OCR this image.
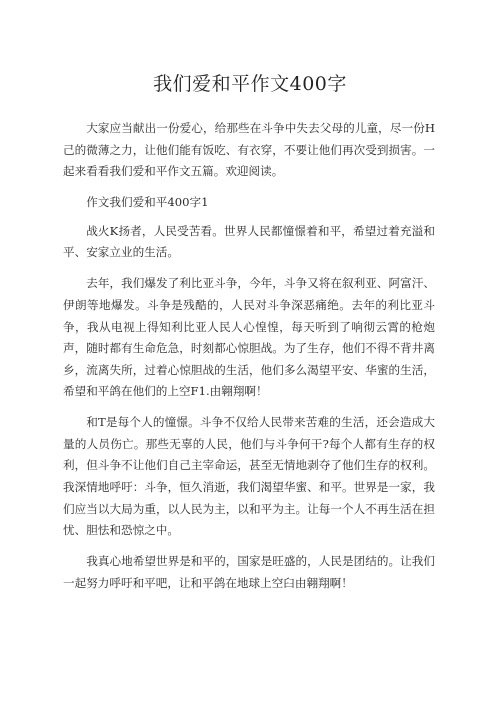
我们爱和平作文400字

大家应当献出一份爱心，给那些在斗争中失去父母的儿童，尽一份H己的微薄之力，让他们能有饭吃、有衣穿，不要让他们再次受到损害。一起来看看我们爱和平作文五篇。欢迎阅读。

作文我们爱和平400字1

战火K扬者，人民受苦看。世界人民都憧憬着和平，希望过着充溢和平、安家立业的生活。

去年，我们爆发了利比亚斗争，今年，斗争又将在叙利亚、阿富汗、伊朗等地爆发。斗争是残酷的，人民对斗争深恶痛绝。去年的利比亚斗争，我从电视上得知利比亚人民人心惶惶，每天听到了响彻云霄的枪炮声，随时都有生命危急，时刻都心惊胆战。为了生存，他们不得不背井离乡，流离失所，过着心惊胆战的生活，他们多么渴望平安、华蜜的生活，希望和平鸽在他们的上空F1.由翱翔啊！

和T是每个人的憧憬。斗争不仅给人民带来苦难的生活，还会造成大量的人员伤亡。那些无辜的人民，他们与斗争何干?每个人都有生存的权利，但斗争不让他们自己主宰命运，甚至无情地剥夺了他们生存的权利。我深情地呼吁：斗争，恒久消逝，我们渴望华蜜、和平。世界是一家，我们应当以大局为重，以人民为主，以和平为主。让每一个人不再生活在担忧、胆怯和恐惊之中。

我真心地希望世界是和平的，国家是旺盛的，人民是团结的。让我们一起努力呼吁和平吧，让和平鸽在地球上空臼由翱翔啊！
